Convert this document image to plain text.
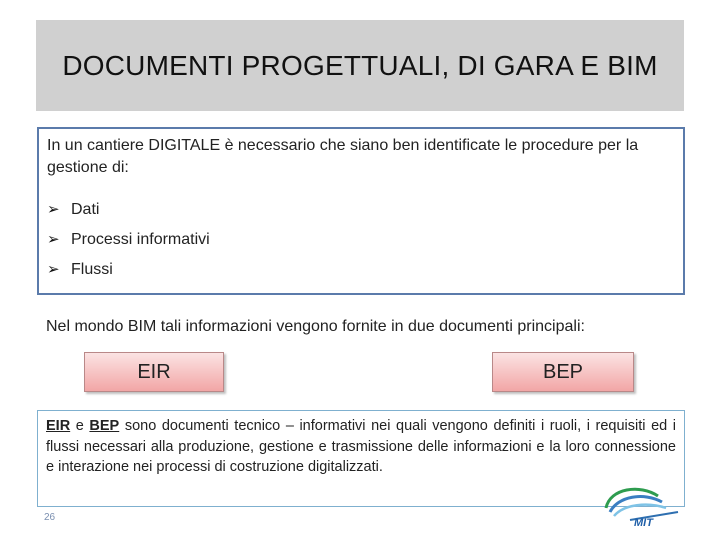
DOCUMENTI PROGETTUALI, DI GARA E BIM
In un cantiere DIGITALE è necessario che siano ben identificate le procedure per la gestione di:
➢ Dati
➢ Processi informativi
➢ Flussi
Nel mondo BIM tali informazioni vengono fornite in due documenti principali:
EIR	BEP
EIR e BEP sono documenti tecnico – informativi nei quali vengono definiti i ruoli, i requisiti ed i flussi necessari alla produzione, gestione e trasmissione delle informazioni e la loro connessione e interazione nei processi di costruzione digitalizzati.
26	MIT
